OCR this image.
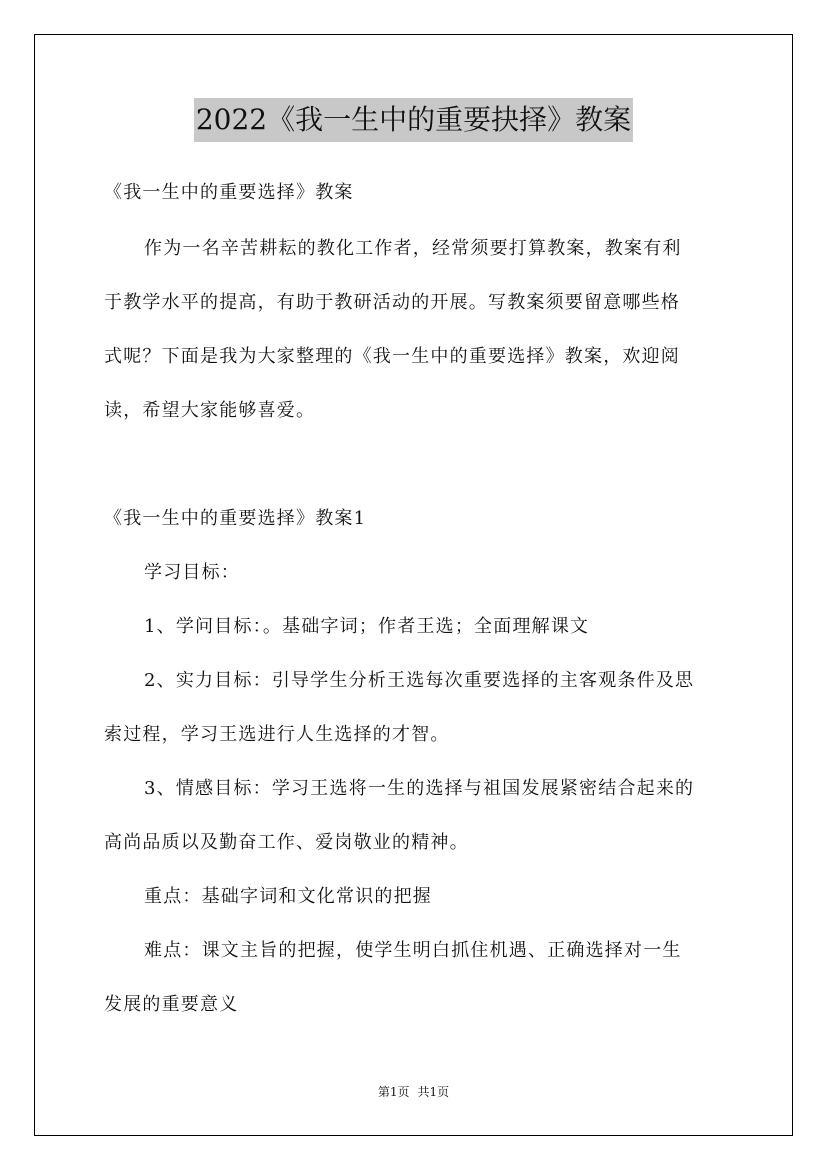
2022《我一生中的重要抉择》教案
《我一生中的重要选择》教案
作为一名辛苦耕耘的教化工作者，经常须要打算教案，教案有利
于教学水平的提高，有助于教研活动的开展。写教案须要留意哪些格
式呢？下面是我为大家整理的《我一生中的重要选择》教案，欢迎阅
读，希望大家能够喜爱。
《我一生中的重要选择》教案1
学习目标：
1、学问目标：。基础字词；作者王选；全面理解课文
2、实力目标：引导学生分析王选每次重要选择的主客观条件及思
索过程，学习王选进行人生选择的才智。
3、情感目标：学习王选将一生的选择与祖国发展紧密结合起来的
高尚品质以及勤奋工作、爱岗敬业的精神。
重点：基础字词和文化常识的把握
难点：课文主旨的把握，使学生明白抓住机遇、正确选择对一生
发展的重要意义
第1页 共1页
